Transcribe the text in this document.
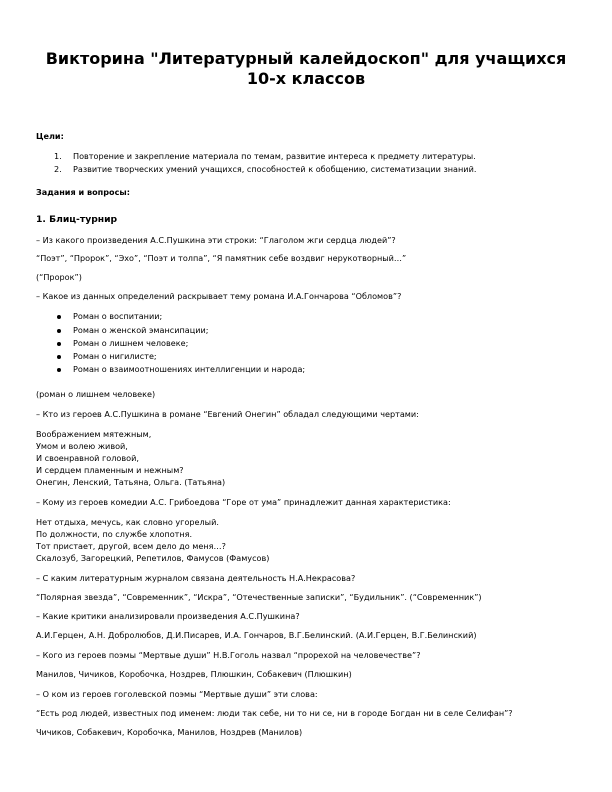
Викторина "Литературный калейдоскоп" для учащихся
10-х классов
Цели:
1. Повторение и закрепление материала по темам, развитие интереса к предмету литературы.
2. Развитие творческих умений учащихся, способностей к обобщению, систематизации знаний.
Задания и вопросы:
1. Блиц-турнир
– Из какого произведения А.С.Пушкина эти строки: “Глаголом жги сердца людей”?
“Поэт”, “Пророк”, “Эхо”, “Поэт и толпа”, “Я памятник себе воздвиг нерукотворный…”
(“Пророк”)
– Какое из данных определений раскрывает тему романа И.А.Гончарова “Обломов”?
Роман о воспитании;
Роман о женской эмансипации;
Роман о лишнем человеке;
Роман о нигилисте;
Роман о взаимоотношениях интеллигенции и народа;
(роман о лишнем человеке)
– Кто из героев А.С.Пушкина в романе “Евгений Онегин” обладал следующими чертами:
Воображением мятежным,
Умом и волею живой,
И своенравной головой,
И сердцем пламенным и нежным?
Онегин, Ленский, Татьяна, Ольга. (Татьяна)
– Кому из героев комедии А.С. Грибоедова “Горе от ума” принадлежит данная характеристика:
Нет отдыха, мечусь, как словно угорелый.
По должности, по службе хлопотня.
Тот пристает, другой, всем дело до меня…?
Скалозуб, Загорецкий, Репетилов, Фамусов (Фамусов)
– С каким литературным журналом связана деятельность Н.А.Некрасова?
“Полярная звезда”, “Современник”, “Искра”, “Отечественные записки”, “Будильник”. (“Современник”)
– Какие критики анализировали произведения А.С.Пушкина?
А.И.Герцен, А.Н. Добролюбов, Д.И.Писарев, И.А. Гончаров, В.Г.Белинский. (А.И.Герцен, В.Г.Белинский)
– Кого из героев поэмы “Мертвые души” Н.В.Гоголь назвал “прорехой на человечестве”?
Манилов, Чичиков, Коробочка, Ноздрев, Плюшкин, Собакевич (Плюшкин)
– О ком из героев гоголевской поэмы “Мертвые души” эти слова:
“Есть род людей, известных под именем: люди так себе, ни то ни се, ни в городе Богдан ни в селе Селифан”?
Чичиков, Собакевич, Коробочка, Манилов, Ноздрев (Манилов)
